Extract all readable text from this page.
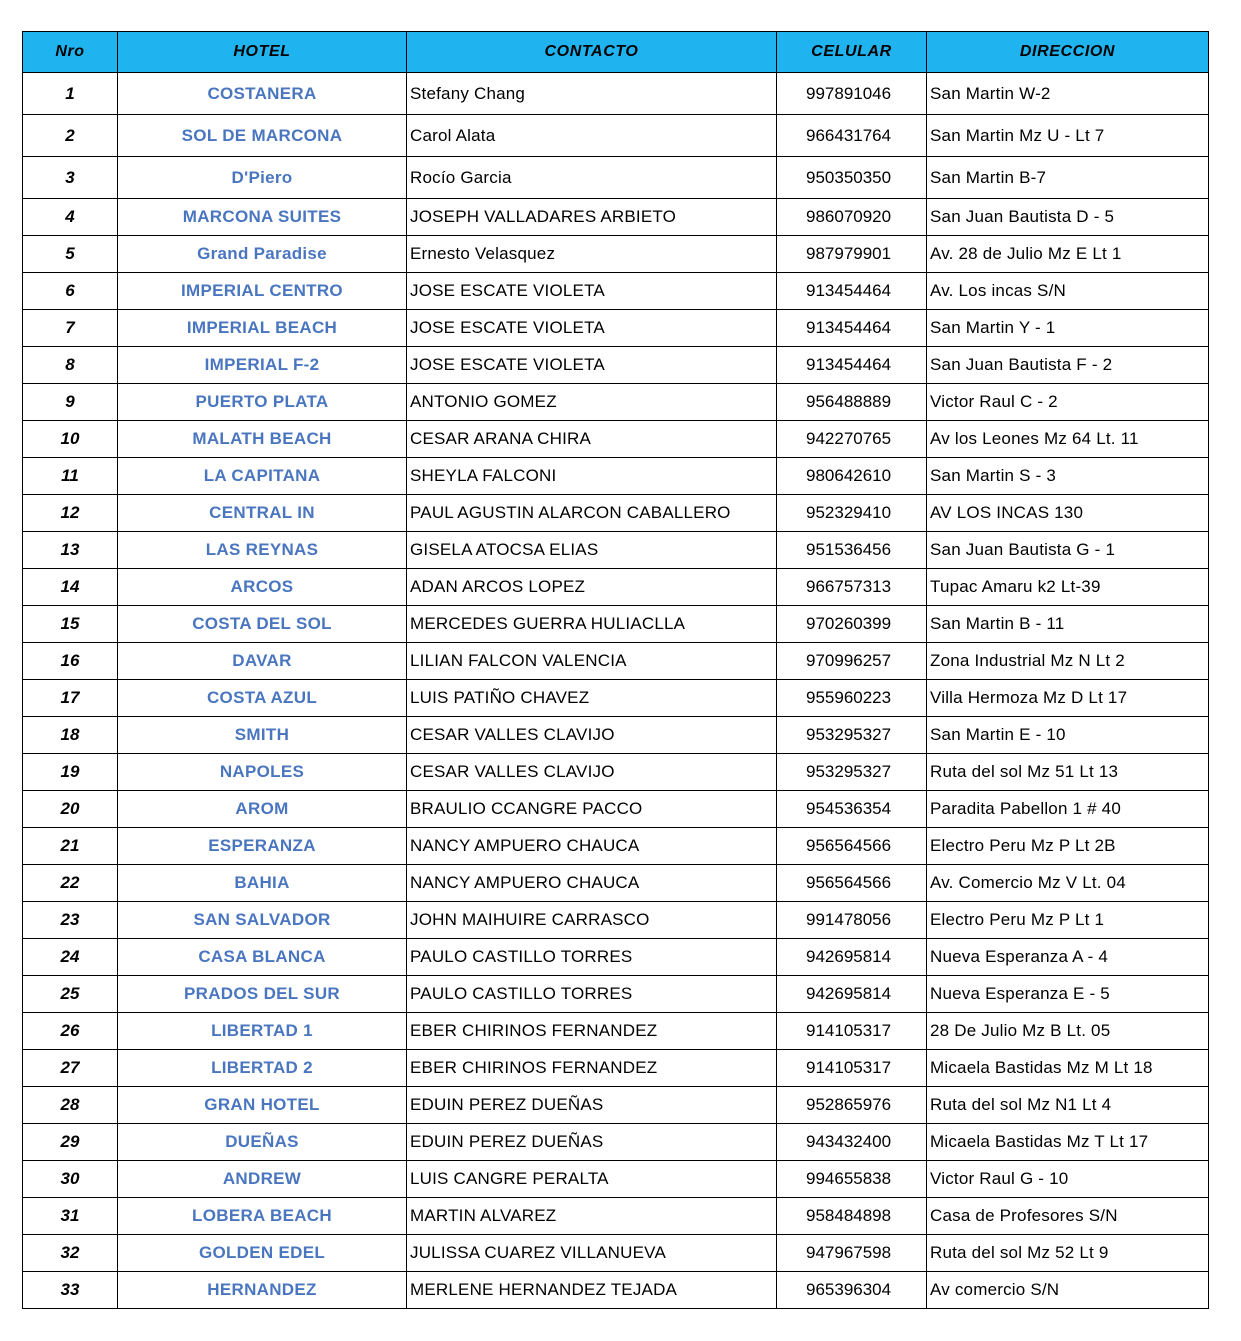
Nro	HOTEL	CONTACTO	CELULAR	DIRECCION
1	COSTANERA	Stefany Chang	997891046	San Martin W-2
2	SOL DE MARCONA	Carol Alata	966431764	San Martin Mz U - Lt 7
3	D'Piero	Rocío Garcia	950350350	San Martin B-7
4	MARCONA SUITES	JOSEPH VALLADARES ARBIETO	986070920	San Juan Bautista D - 5
5	Grand Paradise	Ernesto Velasquez	987979901	Av. 28 de Julio Mz E Lt 1
6	IMPERIAL CENTRO	JOSE ESCATE VIOLETA	913454464	Av. Los incas S/N
7	IMPERIAL BEACH	JOSE ESCATE VIOLETA	913454464	San Martin Y - 1
8	IMPERIAL F-2	JOSE ESCATE VIOLETA	913454464	San Juan Bautista F - 2
9	PUERTO PLATA	ANTONIO GOMEZ	956488889	Victor Raul C - 2
10	MALATH BEACH	CESAR ARANA CHIRA	942270765	Av los Leones Mz 64 Lt. 11
11	LA CAPITANA	SHEYLA FALCONI	980642610	San Martin S - 3
12	CENTRAL IN	PAUL AGUSTIN ALARCON CABALLERO	952329410	AV LOS INCAS 130
13	LAS REYNAS	GISELA ATOCSA ELIAS	951536456	San Juan Bautista G - 1
14	ARCOS	ADAN ARCOS LOPEZ	966757313	Tupac Amaru k2 Lt-39
15	COSTA DEL SOL	MERCEDES GUERRA HULIACLLA	970260399	San Martin B - 11
16	DAVAR	LILIAN FALCON VALENCIA	970996257	Zona Industrial Mz N Lt 2
17	COSTA AZUL	LUIS PATIÑO CHAVEZ	955960223	Villa Hermoza Mz D Lt 17
18	SMITH	CESAR VALLES CLAVIJO	953295327	San Martin E - 10
19	NAPOLES	CESAR VALLES CLAVIJO	953295327	Ruta del sol Mz 51 Lt 13
20	AROM	BRAULIO CCANGRE PACCO	954536354	Paradita Pabellon 1 # 40
21	ESPERANZA	NANCY AMPUERO CHAUCA	956564566	Electro Peru Mz P Lt 2B
22	BAHIA	NANCY AMPUERO CHAUCA	956564566	Av. Comercio Mz V Lt. 04
23	SAN SALVADOR	JOHN MAIHUIRE CARRASCO	991478056	Electro Peru Mz P Lt 1
24	CASA BLANCA	PAULO CASTILLO TORRES	942695814	Nueva Esperanza A - 4
25	PRADOS DEL SUR	PAULO CASTILLO TORRES	942695814	Nueva Esperanza E - 5
26	LIBERTAD 1	EBER CHIRINOS FERNANDEZ	914105317	28 De Julio Mz B Lt. 05
27	LIBERTAD 2	EBER CHIRINOS FERNANDEZ	914105317	Micaela Bastidas Mz M Lt 18
28	GRAN HOTEL	EDUIN PEREZ DUEÑAS	952865976	Ruta del sol Mz N1 Lt 4
29	DUEÑAS	EDUIN PEREZ DUEÑAS	943432400	Micaela Bastidas Mz T Lt 17
30	ANDREW	LUIS CANGRE PERALTA	994655838	Victor Raul G - 10
31	LOBERA BEACH	MARTIN ALVAREZ	958484898	Casa de Profesores S/N
32	GOLDEN EDEL	JULISSA CUAREZ VILLANUEVA	947967598	Ruta del sol Mz 52 Lt 9
33	HERNANDEZ	MERLENE HERNANDEZ TEJADA	965396304	Av comercio S/N
